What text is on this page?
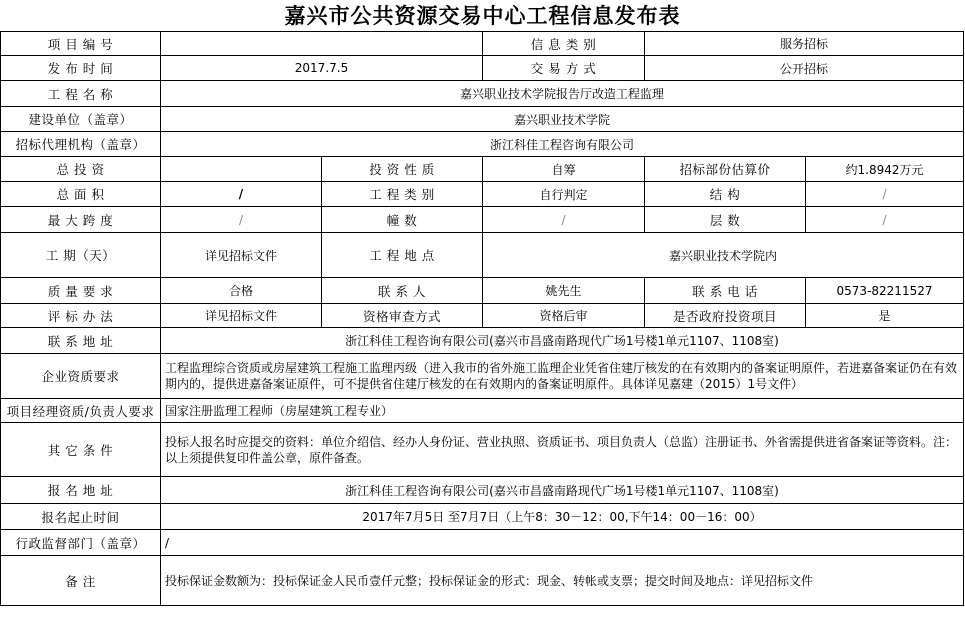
嘉兴市公共资源交易中心工程信息发布表
项 目 编 号			信 息 类 别	服务招标	
发 布 时 间	2017.7.5		交 易 方 式	公开招标	
工 程 名 称	嘉兴职业技术学院报告厅改造工程监理				
建设单位（盖章）	嘉兴职业技术学院				
招标代理机构（盖章）	浙江科佳工程咨询有限公司				
总 投 资		投 资 性 质	自筹	招标部份估算价	约1.8942万元
总 面 积	/	工 程 类 别	自行判定	结 构	/
最 大 跨 度	/	幢 数	/	层 数	/
工 期（天）	详见招标文件	工 程 地 点	嘉兴职业技术学院内		
质 量 要 求	合格	联 系 人	姚先生	联 系 电 话	0573-82211527
评 标 办 法	详见招标文件	资格审查方式	资格后审	是否政府投资项目	是
联 系 地 址	浙江科佳工程咨询有限公司(嘉兴市昌盛南路现代广场1号楼1单元1107、1108室)				
企业资质要求	工程监理综合资质或房屋建筑工程施工监理丙级（进入我市的省外施工监理企业凭省住建厅核发的在有效期内的备案证明原件，若进嘉备案证仍在有效期内的，提供进嘉备案证原件，可不提供省住建厅核发的在有效期内的备案证明原件。具体详见嘉建（2015）1号文件）				
项目经理资质/负责人要求	国家注册监理工程师（房屋建筑工程专业）				
其 它 条 件	投标人报名时应提交的资料：单位介绍信、经办人身份证、营业执照、资质证书、项目负责人（总监）注册证书、外省需提供进省备案证等资料。注：以上须提供复印件盖公章，原件备查。				
报 名 地 址	浙江科佳工程咨询有限公司(嘉兴市昌盛南路现代广场1号楼1单元1107、1108室)				
报名起止时间	2017年7月5日 至7月7日（上午8：30－12：00,下午14：00－16：00）				
行政监督部门（盖章）	/				
备 注	投标保证金数额为：投标保证金人民币壹仟元整；投标保证金的形式：现金、转帐或支票；提交时间及地点：详见招标文件				
